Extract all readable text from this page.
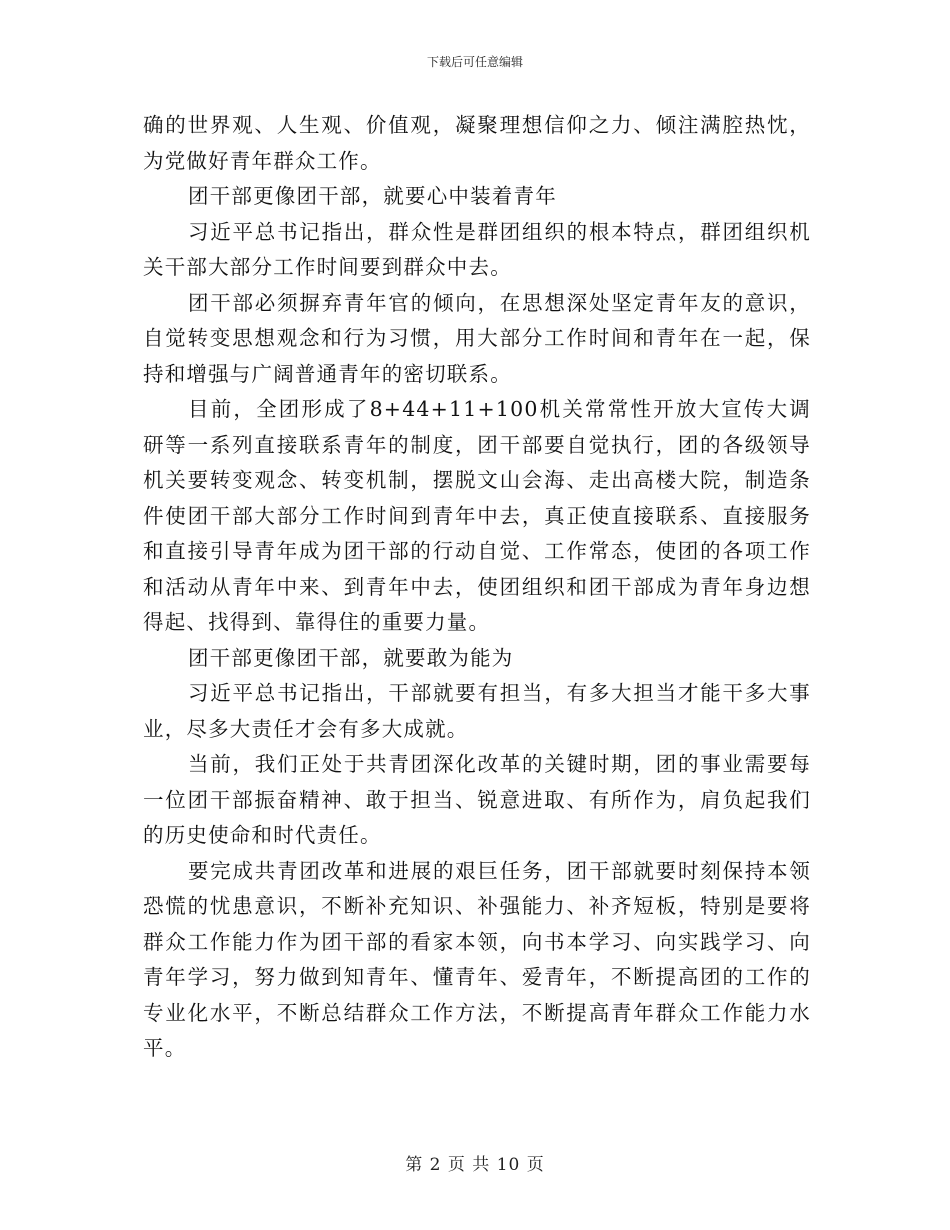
下载后可任意编辑

确的世界观、人生观、价值观，凝聚理想信仰之力、倾注满腔热忱，为党做好青年群众工作。

团干部更像团干部，就要心中装着青年

习近平总书记指出，群众性是群团组织的根本特点，群团组织机关干部大部分工作时间要到群众中去。

团干部必须摒弃青年官的倾向，在思想深处坚定青年友的意识，自觉转变思想观念和行为习惯，用大部分工作时间和青年在一起，保持和增强与广阔普通青年的密切联系。

目前，全团形成了8+44+11+100机关常常性开放大宣传大调研等一系列直接联系青年的制度，团干部要自觉执行，团的各级领导机关要转变观念、转变机制，摆脱文山会海、走出高楼大院，制造条件使团干部大部分工作时间到青年中去，真正使直接联系、直接服务和直接引导青年成为团干部的行动自觉、工作常态，使团的各项工作和活动从青年中来、到青年中去，使团组织和团干部成为青年身边想得起、找得到、靠得住的重要力量。

团干部更像团干部，就要敢为能为

习近平总书记指出，干部就要有担当，有多大担当才能干多大事业，尽多大责任才会有多大成就。

当前，我们正处于共青团深化改革的关键时期，团的事业需要每一位团干部振奋精神、敢于担当、锐意进取、有所作为，肩负起我们的历史使命和时代责任。

要完成共青团改革和进展的艰巨任务，团干部就要时刻保持本领恐慌的忧患意识，不断补充知识、补强能力、补齐短板，特别是要将群众工作能力作为团干部的看家本领，向书本学习、向实践学习、向青年学习，努力做到知青年、懂青年、爱青年，不断提高团的工作的专业化水平，不断总结群众工作方法，不断提高青年群众工作能力水平。

第 2 页 共 10 页
